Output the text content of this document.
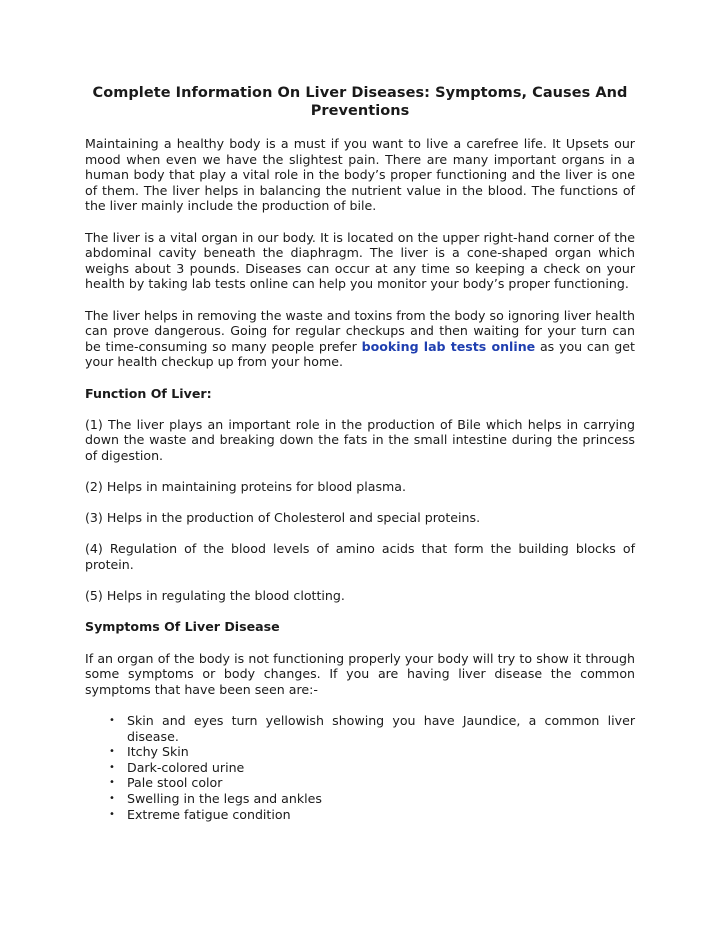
Complete Information On Liver Diseases: Symptoms, Causes And Preventions

Maintaining a healthy body is a must if you want to live a carefree life. It Upsets our mood when even we have the slightest pain. There are many important organs in a human body that play a vital role in the body’s proper functioning and the liver is one of them. The liver helps in balancing the nutrient value in the blood. The functions of the liver mainly include the production of bile.

The liver is a vital organ in our body. It is located on the upper right-hand corner of the abdominal cavity beneath the diaphragm. The liver is a cone-shaped organ which weighs about 3 pounds. Diseases can occur at any time so keeping a check on your health by taking lab tests online can help you monitor your body’s proper functioning.

The liver helps in removing the waste and toxins from the body so ignoring liver health can prove dangerous. Going for regular checkups and then waiting for your turn can be time-consuming so many people prefer booking lab tests online as you can get your health checkup up from your home.

Function Of Liver:

(1) The liver plays an important role in the production of Bile which helps in carrying down the waste and breaking down the fats in the small intestine during the princess of digestion.

(2) Helps in maintaining proteins for blood plasma.

(3) Helps in the production of Cholesterol and special proteins.

(4) Regulation of the blood levels of amino acids that form the building blocks of protein.

(5) Helps in regulating the blood clotting.

Symptoms Of Liver Disease

If an organ of the body is not functioning properly your body will try to show it through some symptoms or body changes. If you are having liver disease the common symptoms that have been seen are:-

• Skin and eyes turn yellowish showing you have Jaundice, a common liver disease.
• Itchy Skin
• Dark-colored urine
• Pale stool color
• Swelling in the legs and ankles
• Extreme fatigue condition
